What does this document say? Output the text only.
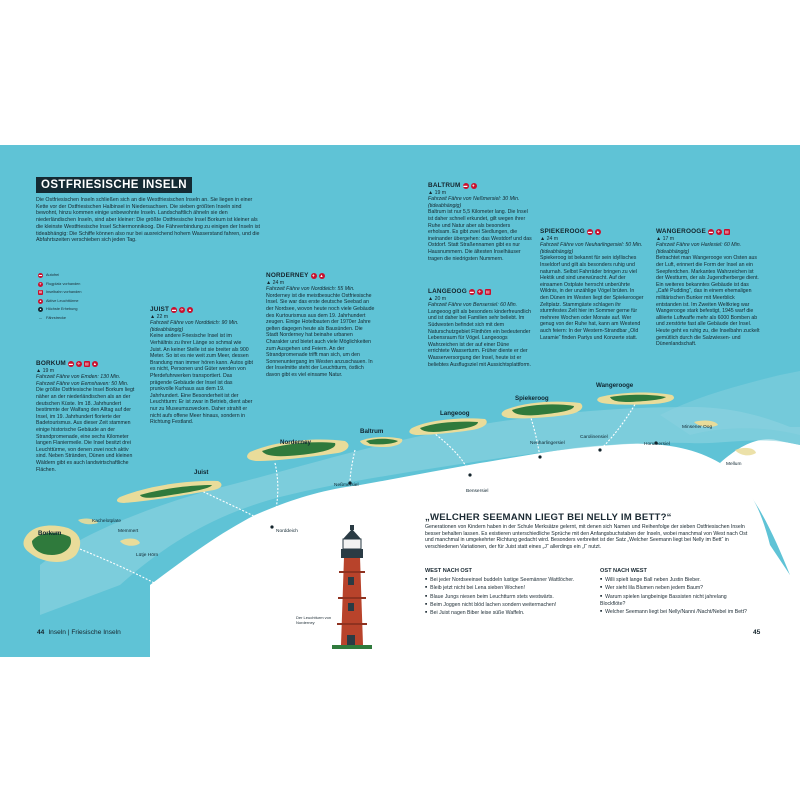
OSTFRIESISCHE INSELN

Die Ostfriesischen Inseln schließen sich an die Westfriesischen Inseln an. Sie liegen in einer Kette vor der Ostfriesischen Halbinsel in Niedersachsen. Die sieben größten Inseln sind bewohnt, hinzu kommen einige unbewohnte Inseln. Landschaftlich ähneln sie den niederländischen Inseln, sind aber kleiner: Die größte Ostfriesische Insel Borkum ist kleiner als die kleinste Westfriesische Insel Schiermonnikoog. Die Fährverbindung zu einigen der Inseln ist tideabhängig: Die Schiffe können also nur bei ausreichend hohem Wasserstand fahren, und die Abfahrtszeiten verschieben sich jeden Tag.

▬ Autofrei
✈	Flugplatz vorhanden
▤ Inselbahn vorhanden
▲ Aktive Leuchttürme
▴	Höchste Erhebung
… Fährstrecke
BORKUM ▬	✈	▤ ▲

▲ 19 m

Fahrzeit Fähre von Emden: 130 Min. Fahrzeit Fähre von Eemshaven: 50 Min.

Die größte Ostfriesische Insel Borkum liegt näher an der niederländischen als an der deutschen Küste. Im 18. Jahrhundert bestimmte der Walfang den Alltag auf der Insel, im 19. Jahrhundert florierte der Badetourismus. Aus dieser Zeit stammen einige historische Gebäude an der Strandpromenade, eine sechs Kilometer langen Flaniermeile. Die Insel besitzt drei Leuchttürme, von denen zwei noch aktiv sind. Neben Stränden, Dünen und kleinen Wäldern gibt es auch landwirtschaftliche Flächen.

JUIST ▬	✈	▲

▲ 22 m

Fahrzeit Fähre von Norddeich: 90 Min. (tideabhängig)

Keine andere Friesische Insel ist im Verhältnis zu ihrer Länge so schmal wie Juist. An keiner Stelle ist sie breiter als 900 Meter. So ist es nie weit zum Meer, dessen Brandung man immer hören kann. Autos gibt es nicht, Personen und Güter werden von Pferdefuhrwerken transportiert. Das prägende Gebäude der Insel ist das prunkvolle Kurhaus aus dem 19. Jahrhundert. Eine Besonderheit ist der Leuchtturm: Er ist zwar in Betrieb, dient aber nur zu Museumszwecken. Daher strahlt er nicht aufs offene Meer hinaus, sondern in Richtung Festland.

NORDERNEY ✈	▲

▲ 24 m

Fahrzeit Fähre von Norddeich: 55 Min.

Norderney ist die meistbesuchte Ostfriesische Insel. Sie war das erste deutsche Seebad an der Nordsee, wovon heute noch viele Gebäude des Kurtourismus aus dem 19. Jahrhundert zeugen. Einige Hotelbauten der 1970er Jahre gelten dagegen heute als Bausünden. Die Stadt Norderney hat beinahe urbanen Charakter und bietet auch viele Möglichkeiten zum Ausgehen und Feiern. An der Strandpromenade trifft man sich, um den Sonnenuntergang im Westen anzuschauen. In der Inselmitte steht der Leuchtturm, östlich davon gibt es viel einsame Natur.

BALTRUM ▬	✈

▲ 19 m

Fahrzeit Fähre von Neßmersiel: 30 Min. (tideabhängig)

Baltrum ist nur 5,5 Kilometer lang. Die Insel ist daher schnell erkundet, gilt wegen ihrer Ruhe und Natur aber als besonders erholsam. Es gibt zwei Siedlungen, die ineinander übergehen: das Westdorf und das Ostdorf. Statt Straßennamen gibt es nur Hausnummern. Die ältesten Inselhäuser tragen die niedrigsten Nummern.

LANGEOOG ▬	✈	▤

▲ 20 m

Fahrzeit Fähre von Bensersiel: 60 Min.

Langeoog gilt als besonders kinderfreundlich und ist daher bei Familien sehr beliebt. Im Südwesten befindet sich mit dem Naturschutzgebiet Flinthörn ein bedeutender Lebensraum für Vögel. Langeoogs Wahrzeichen ist der auf einer Düne errichtete Wasserturm. Früher diente er der Wasserversorgung der Insel, heute ist er beliebtes Ausflugsziel mit Aussichtsplattform.

SPIEKEROOG ▬ ▲

▲ 24 m

Fahrzeit Fähre von Neuharlingersiel: 50 Min. (tideabhängig)

Spiekeroog ist bekannt für sein idyllisches Inseldorf und gilt als besonders ruhig und naturnah. Selbst Fahrräder bringen zu viel Hektik und sind unerwünscht. Auf der einsamen Ostplate herrscht unberührte Wildnis, in der unzählige Vögel brüten. In den Dünen im Westen liegt der Spiekerooger Zeltplatz. Stammgäste schlagen ihr sturmfestes Zelt hier im Sommer gerne für mehrere Wochen oder Monate auf. Wer genug von der Ruhe hat, kann am Westend auch feiern: In der Western-Strandbar „Old Laramie“ finden Partys und Konzerte statt.

WANGEROOGE ▬	✈	▤

▲ 17 m

Fahrzeit Fähre von Harlesiel: 60 Min. (tideabhängig)

Betrachtet man Wangerooge von Osten aus der Luft, erinnert die Form der Insel an ein Seepferdchen. Markantes Wahrzeichen ist der Westturm, der als Jugendherberge dient. Ein weiteres bekanntes Gebäude ist das „Café Pudding“, das in einem ehemaligen militärischen Bunker mit Meerblick entstanden ist. Im Zweiten Weltkrieg war Wangerooge stark befestigt, 1945 warf die alliierte Luftwaffe mehr als 6000 Bomben ab und zerstörte fast alle Gebäude der Insel. Heute geht es ruhig zu, die Inselbahn zuckelt gemütlich durch die Salzwiesen- und Dünenlandschaft.

Borkum
Juist
Norderney
Baltrum
Langeoog
Spiekeroog
Wangerooge
Kachelotplate
Memmert
Lütje Hörn
Norddeich
Neßmersiel
Bensersiel
Neuharlingersiel
Carolinensiel
Horumersiel
Minsener Oog
Mellum
Der Leuchtturm von Norderney
„WELCHER SEEMANN LIEGT BEI NELLY IM BETT?“

Generationen von Kindern haben in der Schule Merksätze gelernt, mit denen sich Namen und Reihenfolge der sieben Ostfriesischen Inseln besser behalten lassen. Es existieren unterschiedliche Sprüche mit den Anfangsbuchstaben der Inseln, wobei manchmal von West nach Ost und manchmal in umgekehrter Richtung gedacht wird. Besonders verbreitet ist der Satz „Welcher Seemann liegt bei Nelly im Bett“ in verschiedenen Variationen, der für Juist statt eines „J“ allerdings ein „I“ nutzt.

WEST NACH OST
■ Bei jeder Nordseeinsel buddeln lustige Seemänner Wattlöcher.
■ Bleib jetzt nicht bei Lena sieben Wochen!
■ Blaue Jungs niesen beim Leuchtturm stets westwärts.
■ Beim Joggen nicht blöd lachen sondern weitermachen!
■ Bei Juist nagen Biber leise süße Waffeln.
OST NACH WEST
■ Willi spielt lange Ball neben Justin Bieber.
■ Wer sieht lila Blumen neben jedem Baum?
■ Warum spielen langbeinige Bassisten nicht jahrelang Blockflöte?
■ Welcher Seemann liegt bei Nelly/Nanni /Nacht/Nebel im Bett?
44 Inseln | Friesische Inseln	45
